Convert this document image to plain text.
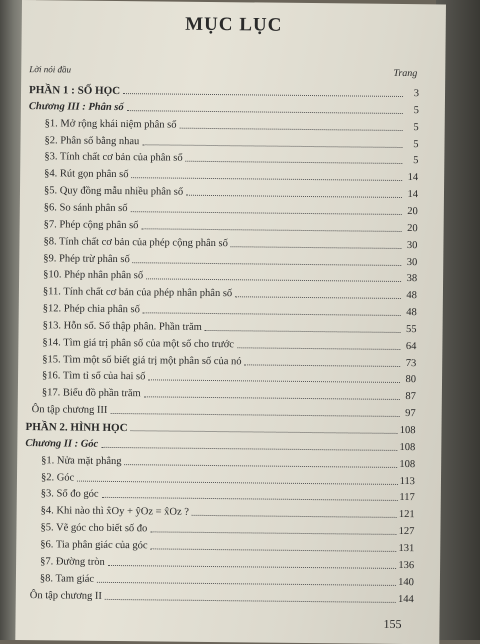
MỤC LỤC
Lời nói đầu	Trang
PHẦN 1 : SỐ HỌC	3
Chương III : Phân số	5
§1. Mở rộng khái niệm phân số	5
§2. Phân số bằng nhau	5
§3. Tính chất cơ bản của phân số	5
§4. Rút gọn phân số	14
§5. Quy đồng mẫu nhiều phân số	14
§6. So sánh phân số	20
§7. Phép cộng phân số	20
§8. Tính chất cơ bản của phép cộng phân số	30
§9. Phép trừ phân số	30
§10. Phép nhân phân số	38
§11. Tính chất cơ bản của phép nhân phân số	48
§12. Phép chia phân số	48
§13. Hỗn số. Số thập phân. Phần trăm	55
§14. Tìm giá trị phân số của một số cho trước	64
§15. Tìm một số biết giá trị một phân số của nó	73
§16. Tìm tỉ số của hai số	80
§17. Biểu đồ phần trăm	87
Ôn tập chương III	97
PHẦN 2. HÌNH HỌC	108
Chương II : Góc	108
§1. Nửa mặt phẳng	108
§2. Góc	113
§3. Số đo góc	117
§4. Khi nào thì x̂Oy + ŷOz = x̂Oz ?	121
§5. Vẽ góc cho biết số đo	127
§6. Tia phân giác của góc	131
§7. Đường tròn	136
§8. Tam giác	140
Ôn tập chương II	144
155
